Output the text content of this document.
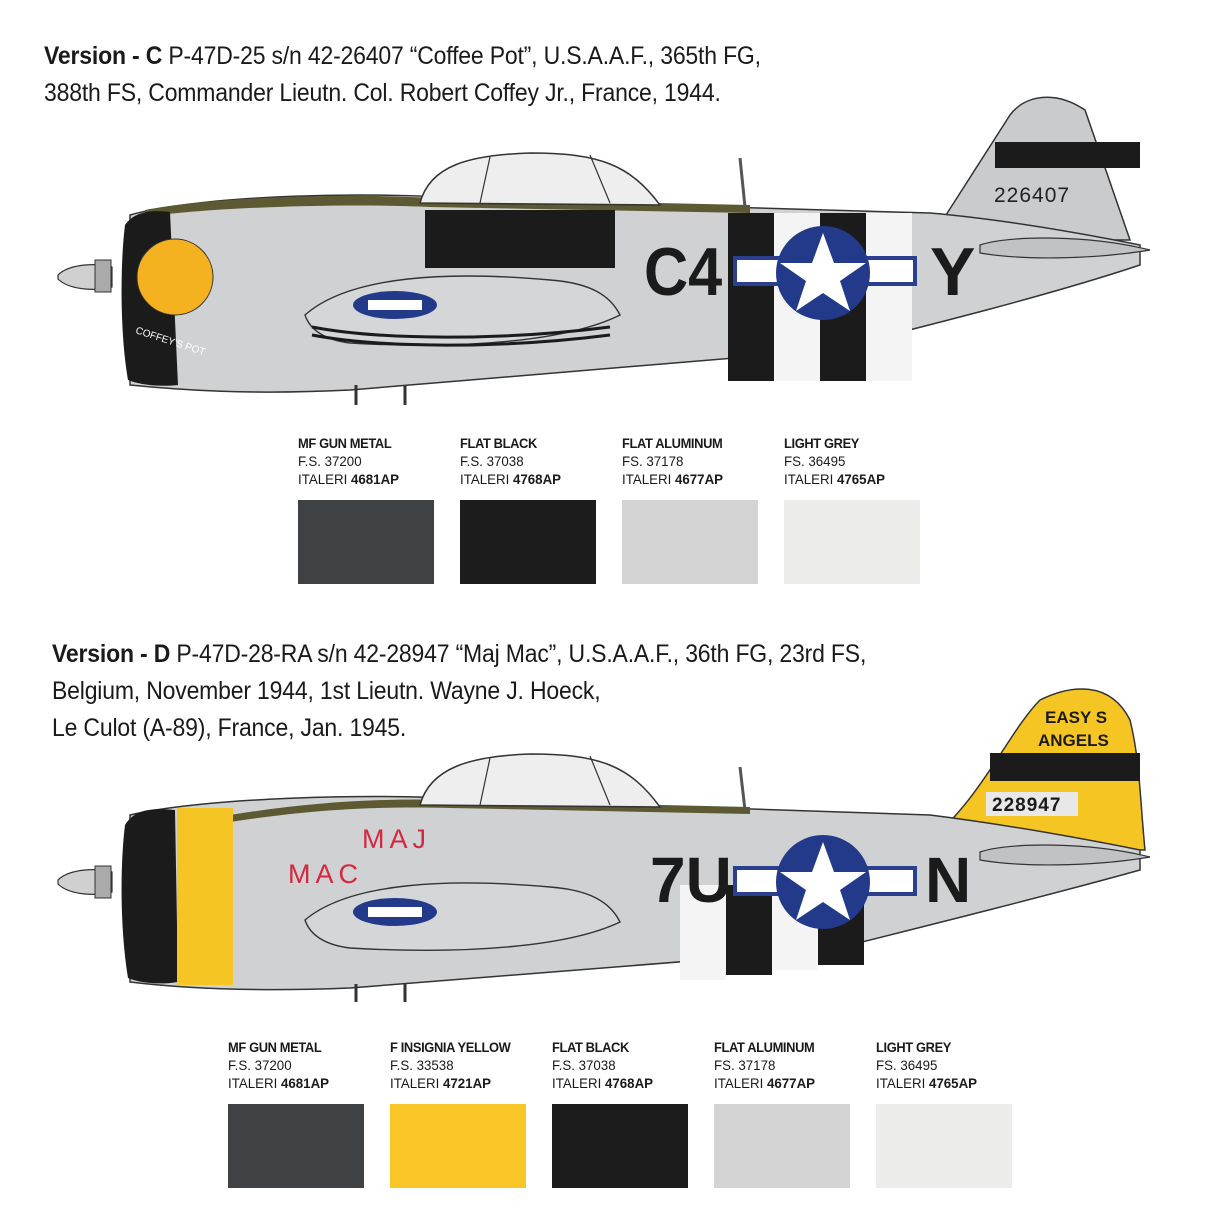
Version - C P-47D-25 s/n 42-26407 “Coffee Pot”, U.S.A.A.F., 365th FG,
388th FS, Commander Lieutn. Col. Robert Coffey Jr., France, 1944.
226407
COFFEY'S POT
C4	Y
MF GUN METAL
F.S. 37200
ITALERI 4681AP
FLAT BLACK
F.S. 37038
ITALERI 4768AP
FLAT ALUMINUM
FS. 37178
ITALERI 4677AP
LIGHT GREY
FS. 36495
ITALERI 4765AP
Version - D P-47D-28-RA s/n 42-28947 “Maj Mac”, U.S.A.A.F., 36th FG, 23rd FS,
Belgium, November 1944, 1st Lieutn. Wayne J. Hoeck,
Le Culot (A-89), France, Jan. 1945.	EASY S
ANGELS
228947
MAJ
MAC	7U	N
MF GUN METAL
F.S. 37200
ITALERI 4681AP
F INSIGNIA YELLOW
F.S. 33538
ITALERI 4721AP
FLAT BLACK
F.S. 37038
ITALERI 4768AP
FLAT ALUMINUM
FS. 37178
ITALERI 4677AP
LIGHT GREY
FS. 36495
ITALERI 4765AP
